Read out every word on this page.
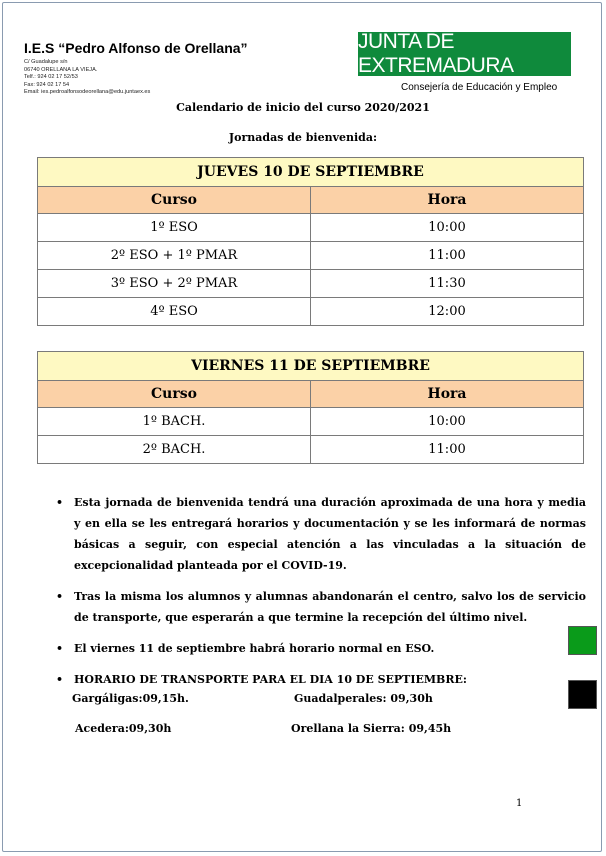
I.E.S “Pedro Alfonso de Orellana”
C/ Guadalupe s/n
06740 ORELLANA LA VIEJA.
Telf.: 924 02 17 52/53
Fax: 924 02 17 54
Email: ies.pedroalfonsodeorellana@edu.juntaex.es
JUNTA DE EXTREMADURA
Consejería de Educación y Empleo
Calendario de inicio del curso 2020/2021
Jornadas de bienvenida:
JUEVES 10 DE SEPTIEMBRE	
Curso	Hora
1º ESO	10:00
2º ESO + 1º PMAR	11:00
3º ESO + 2º PMAR	11:30
4º ESO	12:00
VIERNES 11 DE SEPTIEMBRE	
Curso	Hora
1º BACH.	10:00
2º BACH.	11:00
• Esta jornada de bienvenida tendrá una duración aproximada de una hora y media y en ella se les entregará horarios y documentación y se les informará de normas básicas a seguir, con especial atención a las vinculadas a la situación de excepcionalidad planteada por el COVID-19.
• Tras la misma los alumnos y alumnas abandonarán el centro, salvo los de servicio de transporte, que esperarán a que termine la recepción del último nivel.
• El viernes 11 de septiembre habrá horario normal en ESO.
• HORARIO DE TRANSPORTE PARA EL DIA 10 DE SEPTIEMBRE:
Gargáligas:09,15h.	Guadalperales: 09,30h
Acedera:09,30h	Orellana la Sierra: 09,45h
1
